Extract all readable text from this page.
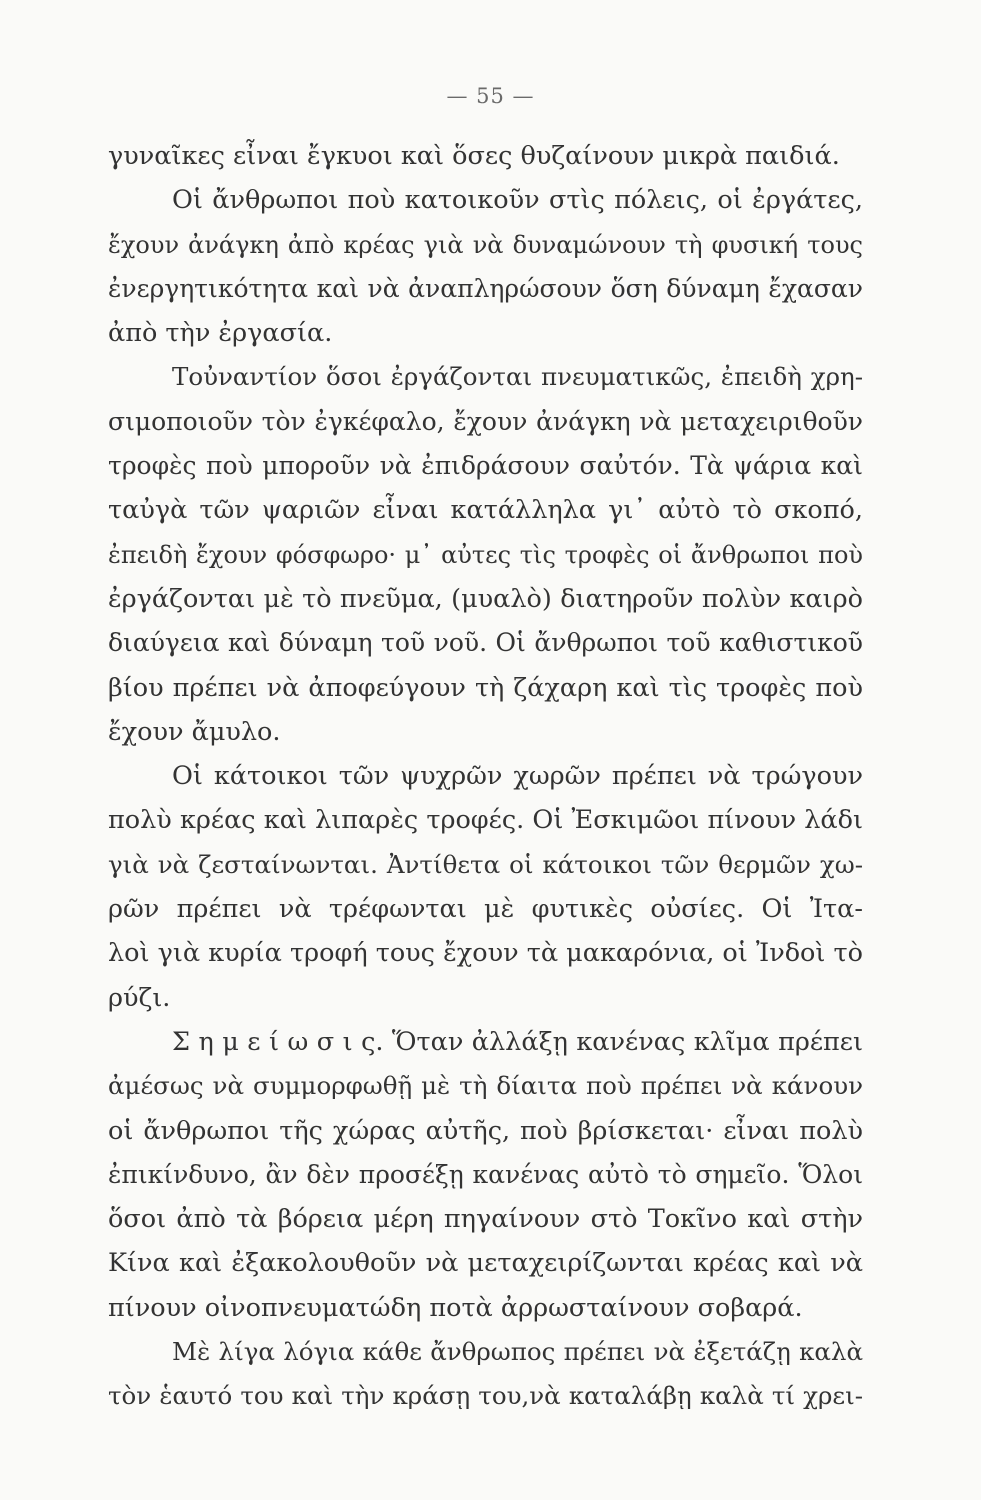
— 55 —
γυναῖκες εἶναι ἔγκυοι καὶ ὅσες θυζαίνουν μικρὰ παιδιά.
Οἱ ἄνθρωποι ποὺ κατοικοῦν στὶς πόλεις, οἱ ἐργάτες,
ἔχουν ἀνάγκη ἀπὸ κρέας γιὰ νὰ δυναμώνουν τὴ φυσική τους
ἐνεργητικότητα καὶ νὰ ἀναπληρώσουν ὅση δύναμη ἔχασαν
ἀπὸ τὴν ἐργασία.
Τοὐναντίον ὅσοι ἐργάζονται πνευματικῶς, ἐπειδὴ χρη-
σιμοποιοῦν τὸν ἐγκέφαλο, ἔχουν ἀνάγκη νὰ μεταχειριθοῦν
τροφὲς ποὺ μποροῦν νὰ ἐπιδράσουν σαὐτόν. Τὰ ψάρια καὶ
ταὐγὰ τῶν ψαριῶν εἶναι κατάλληλα γι᾽ αὐτὸ τὸ σκοπό,
ἐπειδὴ ἔχουν φόσφωρο· μ᾽ αὐτες τὶς τροφὲς οἱ ἄνθρωποι ποὺ
ἐργάζονται μὲ τὸ πνεῦμα, (μυαλὸ) διατηροῦν πολὺν καιρὸ
διαύγεια καὶ δύναμη τοῦ νοῦ. Οἱ ἄνθρωποι τοῦ καθιστικοῦ
βίου πρέπει νὰ ἀποφεύγουν τὴ ζάχαρη καὶ τὶς τροφὲς ποὺ
ἔχουν ἄμυλο.
Οἱ κάτοικοι τῶν ψυχρῶν χωρῶν πρέπει νὰ τρώγουν
πολὺ κρέας καὶ λιπαρὲς τροφές. Οἱ Ἐσκιμῶοι πίνουν λάδι
γιὰ νὰ ζεσταίνωνται. Ἀντίθετα οἱ κάτοικοι τῶν θερμῶν χω-
ρῶν πρέπει νὰ τρέφωνται μὲ φυτικὲς οὐσίες. Οἱ Ἰτα-
λοὶ γιὰ κυρία τροφή τους ἔχουν τὰ μακαρόνια, οἱ Ἰνδοὶ τὸ
ρύζι.
Σ η μ ε ί ω σ ι ς. Ὅταν ἀλλάξῃ κανένας κλῖμα πρέπει
ἀμέσως νὰ συμμορφωθῇ μὲ τὴ δίαιτα ποὺ πρέπει νὰ κάνουν
οἱ ἄνθρωποι τῆς χώρας αὐτῆς, ποὺ βρίσκεται· εἶναι πολὺ
ἐπικίνδυνο, ἂν δὲν προσέξῃ κανένας αὐτὸ τὸ σημεῖο. Ὅλοι
ὅσοι ἀπὸ τὰ βόρεια μέρη πηγαίνουν στὸ Τοκῖνο καὶ στὴν
Κίνα καὶ ἐξακολουθοῦν νὰ μεταχειρίζωνται κρέας καὶ νὰ
πίνουν οἰνοπνευματώδη ποτὰ ἀρρωσταίνουν σοβαρά.
Μὲ λίγα λόγια κάθε ἄνθρωπος πρέπει νὰ ἐξετάζῃ καλὰ
τὸν ἑαυτό του καὶ τὴν κράσῃ του,νὰ καταλάβῃ καλὰ τί χρει-
